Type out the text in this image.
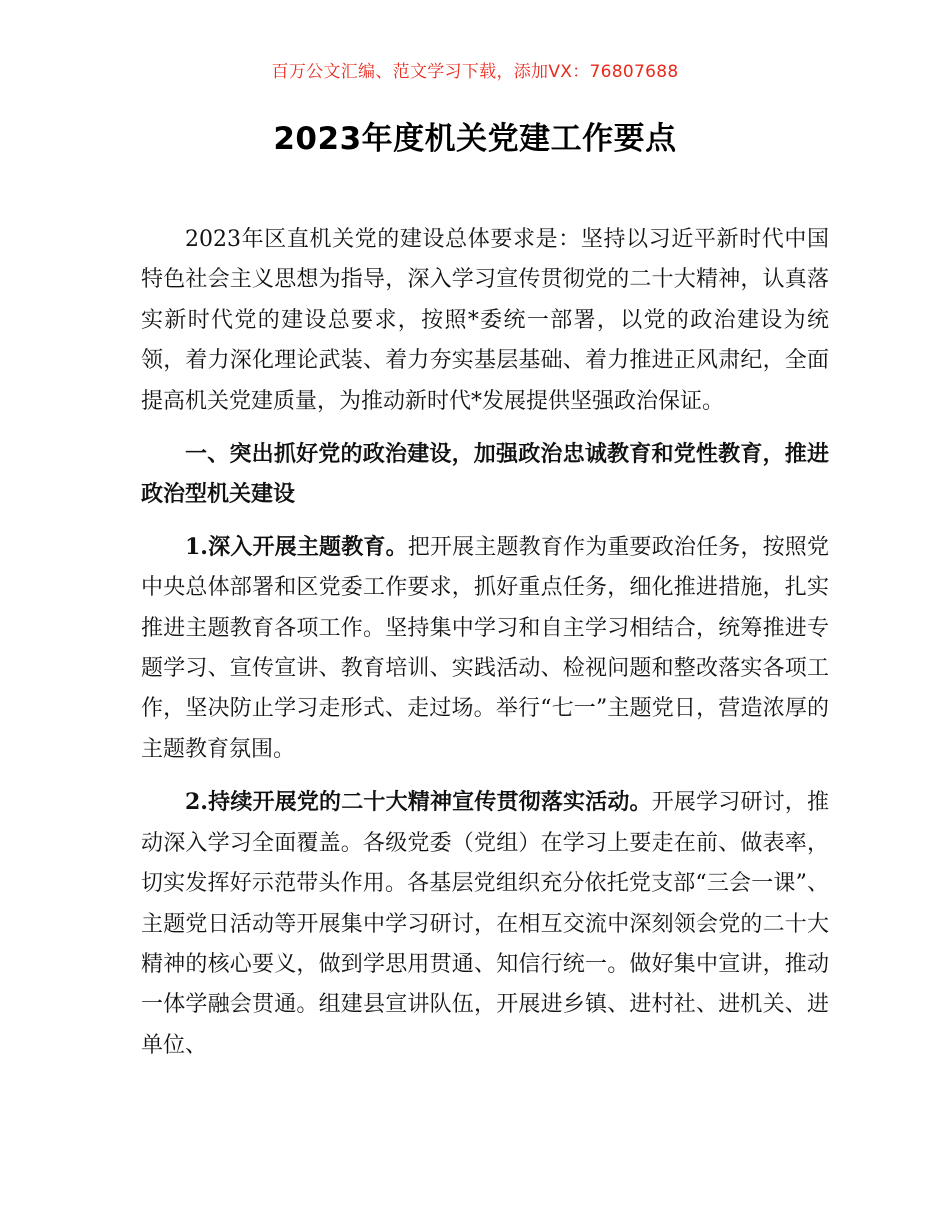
百万公文汇编、范文学习下载，添加VX：76807688
2023年度机关党建工作要点

2023年区直机关党的建设总体要求是：坚持以习近平新时代中国特色社会主义思想为指导，深入学习宣传贯彻党的二十大精神，认真落实新时代党的建设总要求，按照*委统一部署，以党的政治建设为统领，着力深化理论武装、着力夯实基层基础、着力推进正风肃纪，全面提高机关党建质量，为推动新时代*发展提供坚强政治保证。

一、突出抓好党的政治建设，加强政治忠诚教育和党性教育，推进政治型机关建设

1.深入开展主题教育。把开展主题教育作为重要政治任务，按照党中央总体部署和区党委工作要求，抓好重点任务，细化推进措施，扎实推进主题教育各项工作。坚持集中学习和自主学习相结合，统筹推进专题学习、宣传宣讲、教育培训、实践活动、检视问题和整改落实各项工作，坚决防止学习走形式、走过场。举行“七一”主题党日，营造浓厚的主题教育氛围。

2.持续开展党的二十大精神宣传贯彻落实活动。开展学习研讨，推动深入学习全面覆盖。各级党委（党组）在学习上要走在前、做表率，切实发挥好示范带头作用。各基层党组织充分依托党支部“三会一课”、主题党日活动等开展集中学习研讨，在相互交流中深刻领会党的二十大精神的核心要义，做到学思用贯通、知信行统一。做好集中宣讲，推动一体学融会贯通。组建县宣讲队伍，开展进乡镇、进村社、进机关、进单位、
